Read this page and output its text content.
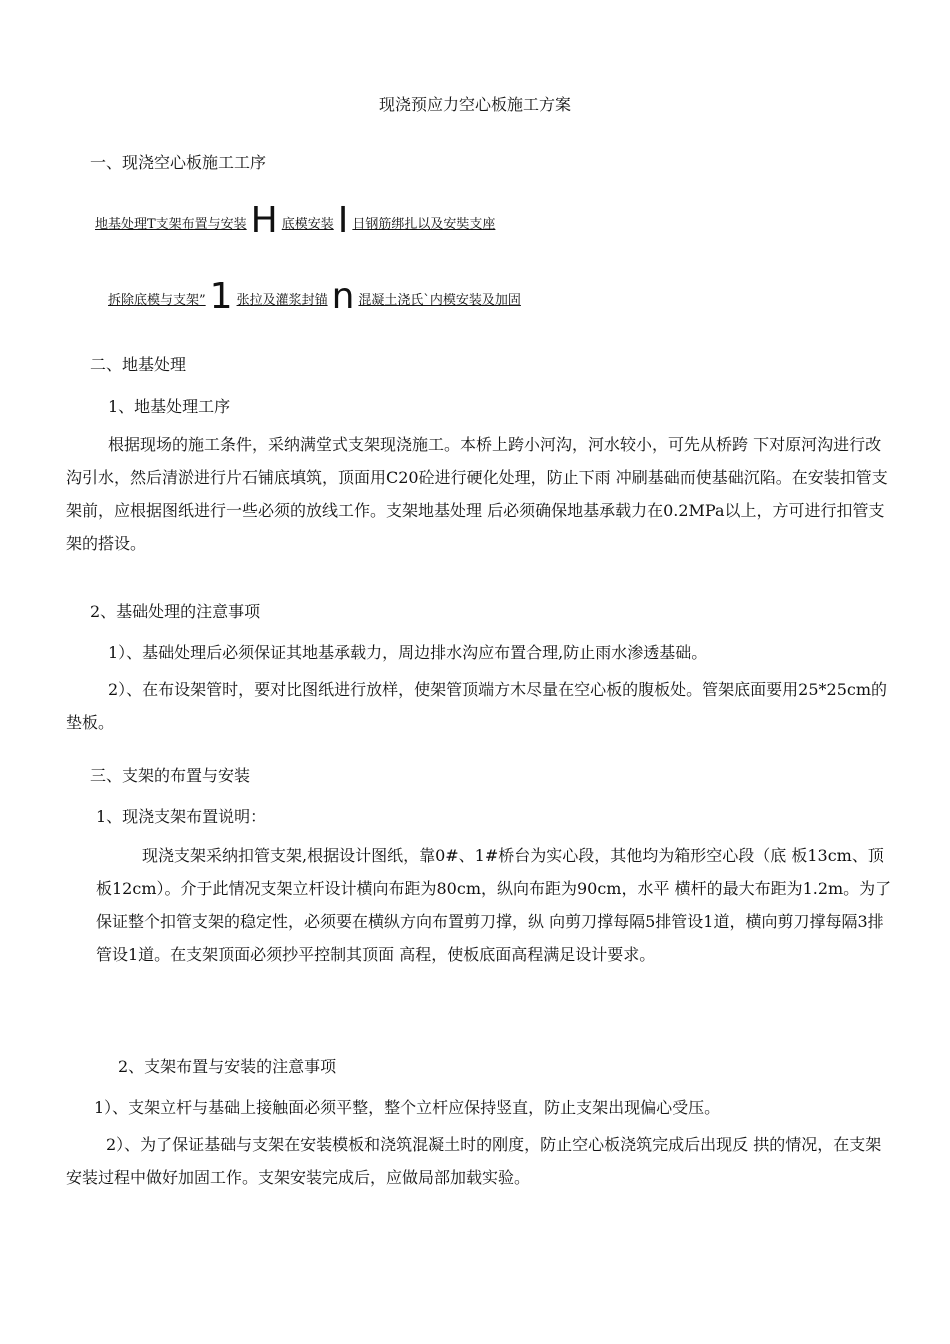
现浇预应力空心板施工方案
一、现浇空心板施工工序
地基处理T支架布置与安装 H 底模安装 I 日钢筋绑扎以及安奘支座
拆除底模与支架” 1 张拉及灌浆封锚 n 混凝土浇氏`内模安装及加固
二、地基处理
1、地基处理工序
根据现场的施工条件，采纳满堂式支架现浇施工。本桥上跨小河沟，河水较小，可先从桥跨 下对原河沟进行改沟引水，然后清淤进行片石铺底填筑，顶面用C20砼进行硬化处理，防止下雨 冲刷基础而使基础沉陷。在安装扣管支架前，应根据图纸进行一些必须的放线工作。支架地基处理 后必须确保地基承载力在0.2MPa以上，方可进行扣管支架的搭设。
2、基础处理的注意事项
1）、基础处理后必须保证其地基承载力，周边排水沟应布置合理,防止雨水渗透基础。
2）、在布设架管时，要对比图纸进行放样，使架管顶端方木尽量在空心板的腹板处。管架底面要用25*25cm的垫板。
三、支架的布置与安装
1、现浇支架布置说明：
现浇支架采纳扣管支架,根据设计图纸，靠0#、1#桥台为实心段，其他均为箱形空心段（底 板13cm、顶板12cm）。介于此情况支架立杆设计横向布距为80cm，纵向布距为90cm，水平 横杆的最大布距为1.2m。为了保证整个扣管支架的稳定性，必须要在横纵方向布置剪刀撑，纵 向剪刀撑每隔5排管设1道，横向剪刀撑每隔3排管设1道。在支架顶面必须抄平控制其顶面 高程，使板底面高程满足设计要求。
2、支架布置与安装的注意事项
1）、支架立杆与基础上接触面必须平整，整个立杆应保持竖直，防止支架出现偏心受压。
2）、为了保证基础与支架在安装模板和浇筑混凝土时的刚度，防止空心板浇筑完成后出现反 拱的情况，在支架安装过程中做好加固工作。支架安装完成后，应做局部加载实验。
